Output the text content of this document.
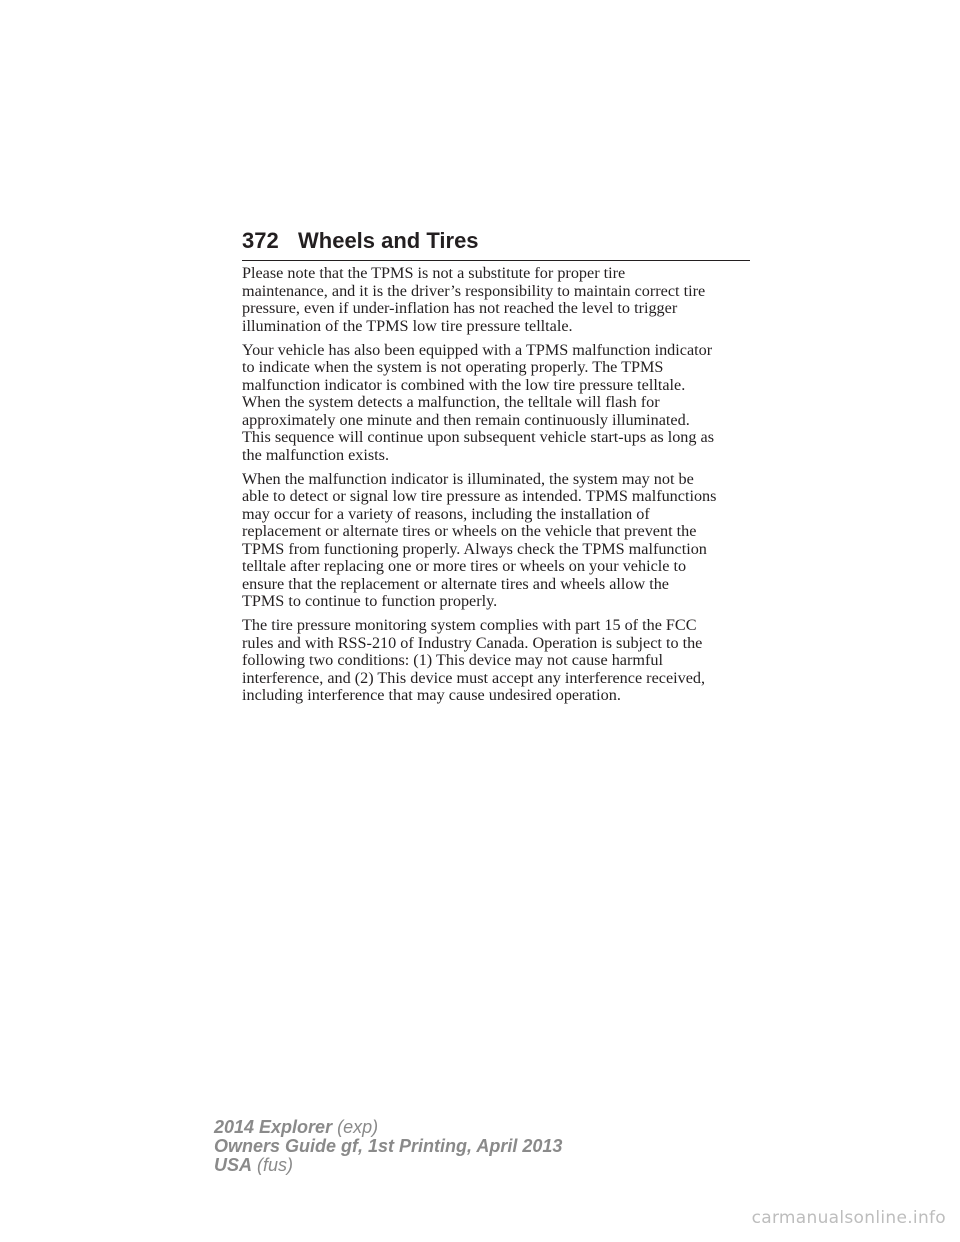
372 Wheels and Tires

Please note that the TPMS is not a substitute for proper tire
maintenance, and it is the driver’s responsibility to maintain correct tire
pressure, even if under-inflation has not reached the level to trigger
illumination of the TPMS low tire pressure telltale.

Your vehicle has also been equipped with a TPMS malfunction indicator
to indicate when the system is not operating properly. The TPMS
malfunction indicator is combined with the low tire pressure telltale.
When the system detects a malfunction, the telltale will flash for
approximately one minute and then remain continuously illuminated.
This sequence will continue upon subsequent vehicle start-ups as long as
the malfunction exists.

When the malfunction indicator is illuminated, the system may not be
able to detect or signal low tire pressure as intended. TPMS malfunctions
may occur for a variety of reasons, including the installation of
replacement or alternate tires or wheels on the vehicle that prevent the
TPMS from functioning properly. Always check the TPMS malfunction
telltale after replacing one or more tires or wheels on your vehicle to
ensure that the replacement or alternate tires and wheels allow the
TPMS to continue to function properly.

The tire pressure monitoring system complies with part 15 of the FCC
rules and with RSS-210 of Industry Canada. Operation is subject to the
following two conditions: (1) This device may not cause harmful
interference, and (2) This device must accept any interference received,
including interference that may cause undesired operation.

2014 Explorer (exp)
Owners Guide gf, 1st Printing, April 2013
USA (fus)
carmanualsonline.info
